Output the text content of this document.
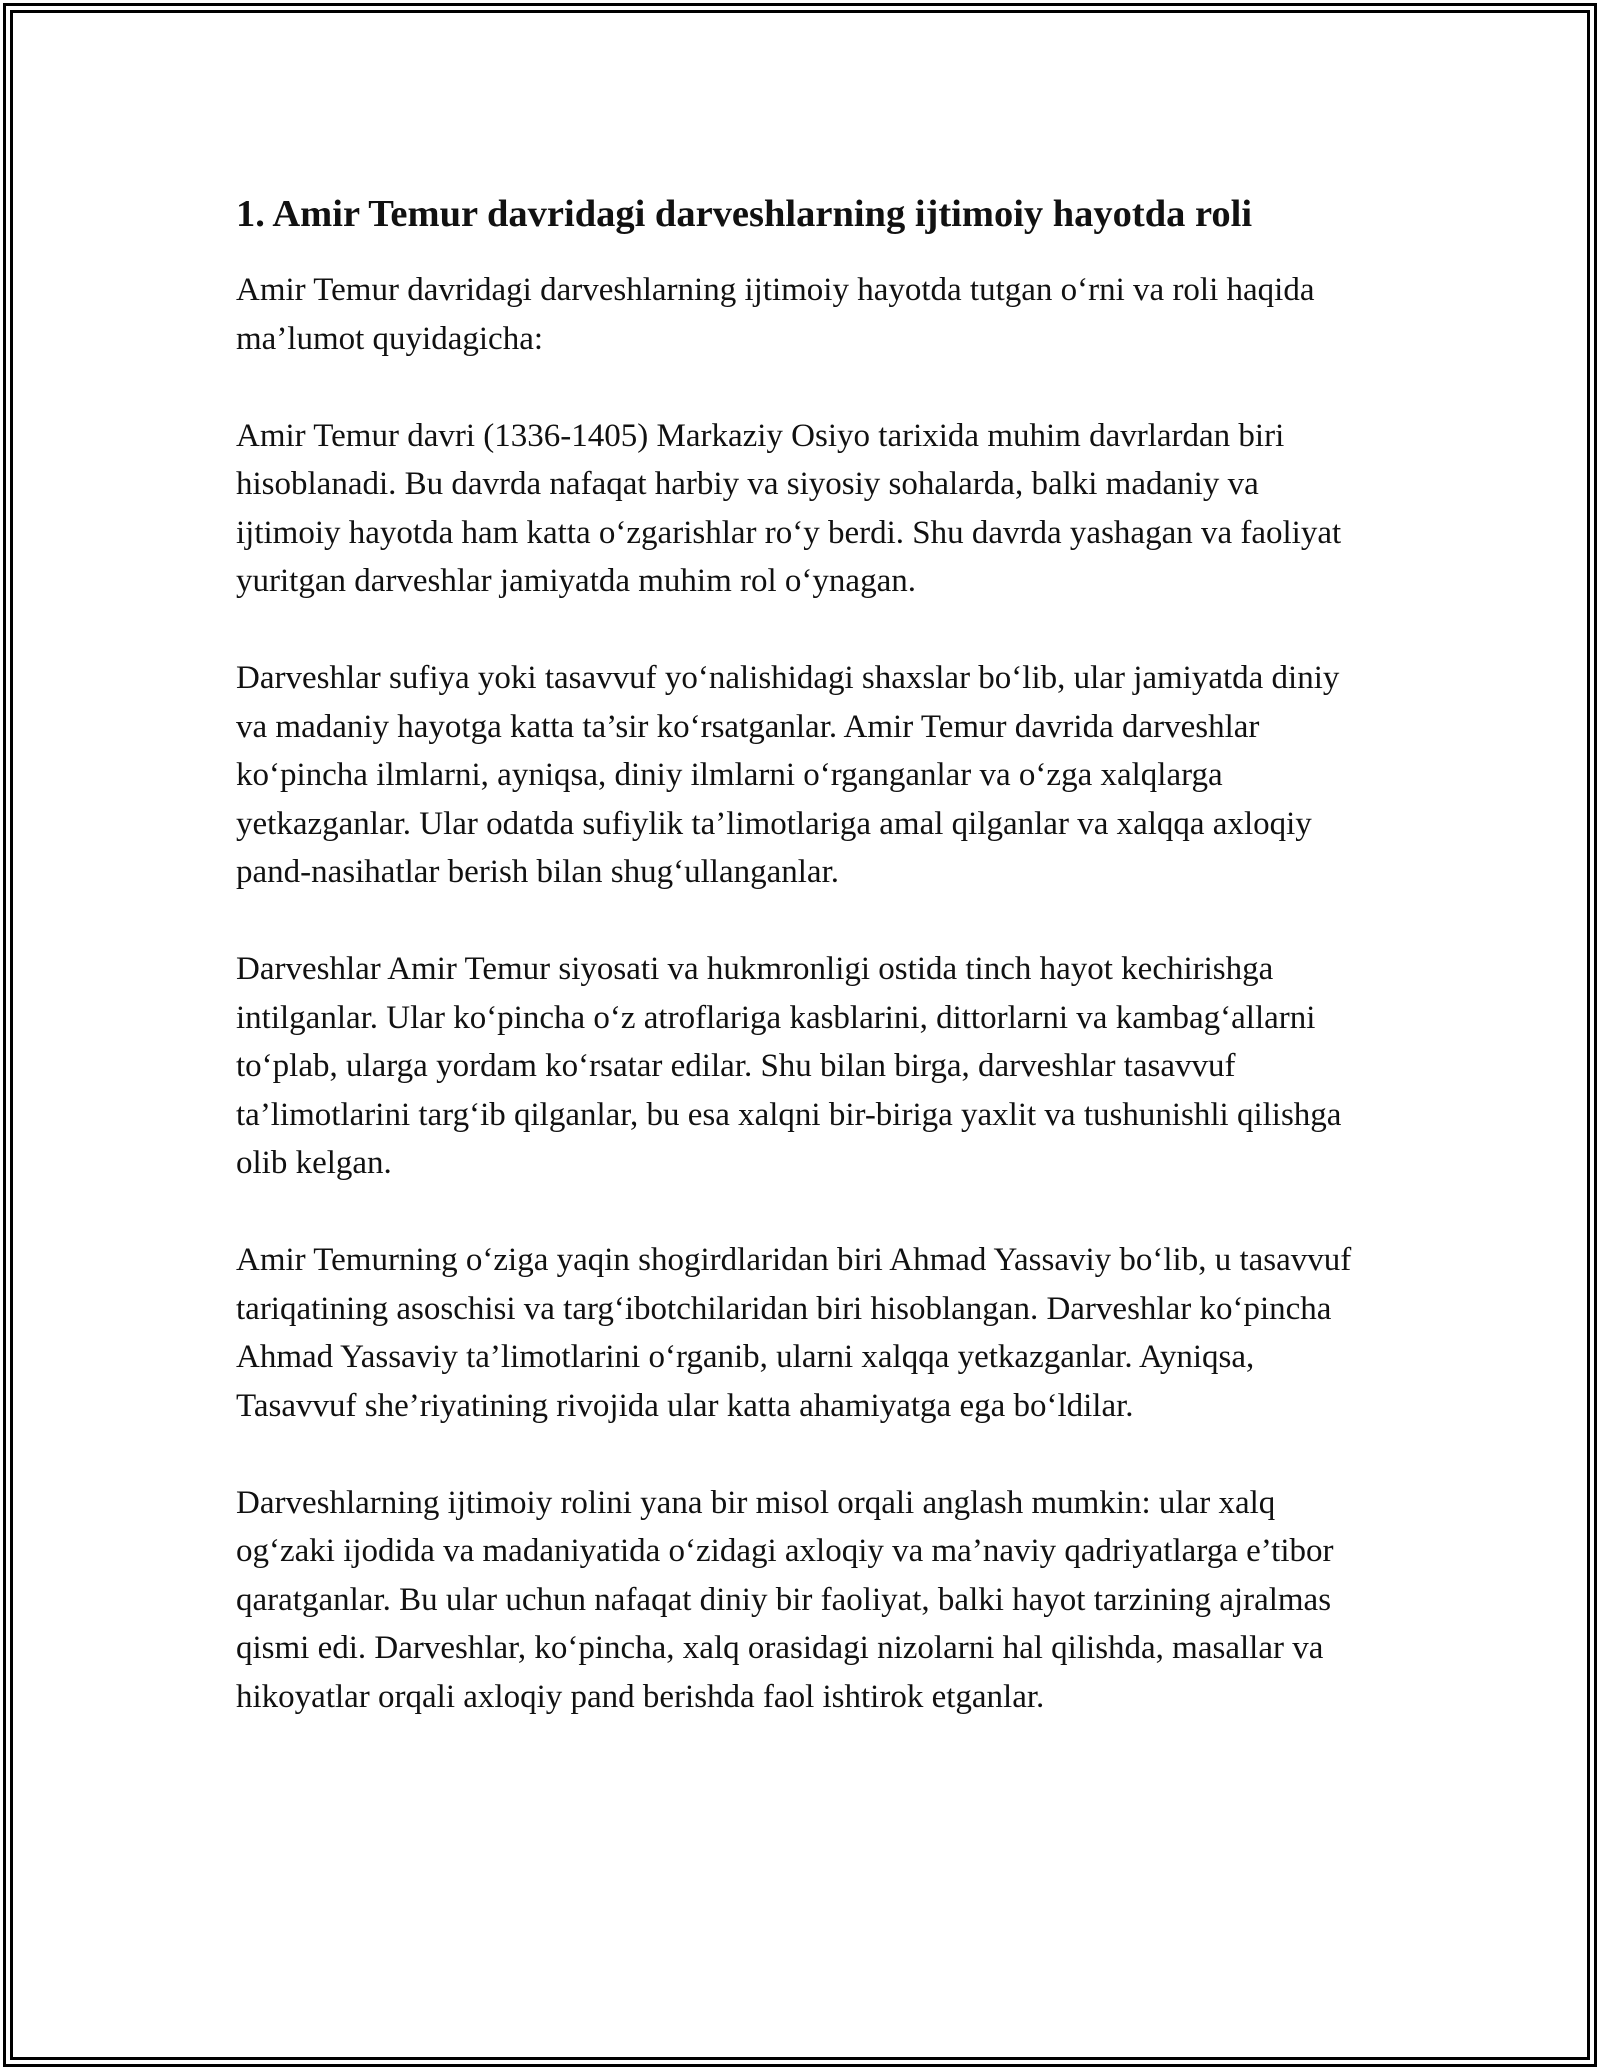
1. Amir Temur davridagi darveshlarning ijtimoiy hayotda roli

Amir Temur davridagi darveshlarning ijtimoiy hayotda tutgan o‘rni va roli haqida ma’lumot quyidagicha:

Amir Temur davri (1336-1405) Markaziy Osiyo tarixida muhim davrlardan biri hisoblanadi. Bu davrda nafaqat harbiy va siyosiy sohalarda, balki madaniy va ijtimoiy hayotda ham katta o‘zgarishlar ro‘y berdi. Shu davrda yashagan va faoliyat yuritgan darveshlar jamiyatda muhim rol o‘ynagan.

Darveshlar sufiya yoki tasavvuf yo‘nalishidagi shaxslar bo‘lib, ular jamiyatda diniy va madaniy hayotga katta ta’sir ko‘rsatganlar. Amir Temur davrida darveshlar ko‘pincha ilmlarni, ayniqsa, diniy ilmlarni o‘rganganlar va o‘zga xalqlarga yetkazganlar. Ular odatda sufiylik ta’limotlariga amal qilganlar va xalqqa axloqiy pand-nasihatlar berish bilan shug‘ullanganlar.

Darveshlar Amir Temur siyosati va hukmronligi ostida tinch hayot kechirishga intilganlar. Ular ko‘pincha o‘z atroflariga kasblarini, dittorlarni va kambag‘allarni to‘plab, ularga yordam ko‘rsatar edilar. Shu bilan birga, darveshlar tasavvuf ta’limotlarini targ‘ib qilganlar, bu esa xalqni bir-biriga yaxlit va tushunishli qilishga olib kelgan.

Amir Temurning o‘ziga yaqin shogirdlaridan biri Ahmad Yassaviy bo‘lib, u tasavvuf tariqatining asoschisi va targ‘ibotchilaridan biri hisoblangan. Darveshlar ko‘pincha Ahmad Yassaviy ta’limotlarini o‘rganib, ularni xalqqa yetkazganlar. Ayniqsa, Tasavvuf she’riyatining rivojida ular katta ahamiyatga ega bo‘ldilar.

Darveshlarning ijtimoiy rolini yana bir misol orqali anglash mumkin: ular xalq og‘zaki ijodida va madaniyatida o‘zidagi axloqiy va ma’naviy qadriyatlarga e’tibor qaratganlar. Bu ular uchun nafaqat diniy bir faoliyat, balki hayot tarzining ajralmas qismi edi. Darveshlar, ko‘pincha, xalq orasidagi nizolarni hal qilishda, masallar va hikoyatlar orqali axloqiy pand berishda faol ishtirok etganlar.
